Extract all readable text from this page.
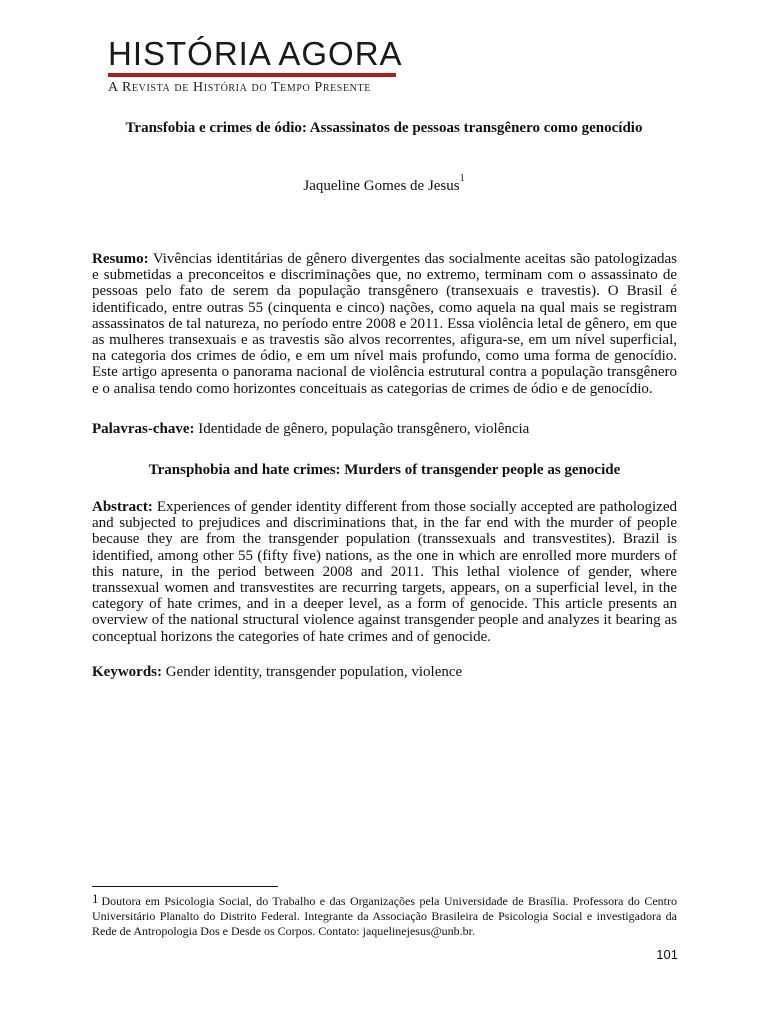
HISTÓRIA AGORA
A Revista de História do Tempo Presente
Transfobia e crimes de ódio: Assassinatos de pessoas transgênero como genocídio
Jaqueline Gomes de Jesus$^1$
Resumo: Vivências identitárias de gênero divergentes das socialmente aceitas são patologizadas e submetidas a preconceitos e discriminações que, no extremo, terminam com o assassinato de pessoas pelo fato de serem da população transgênero (transexuais e travestis). O Brasil é identificado, entre outras 55 (cinquenta e cinco) nações, como aquela na qual mais se registram assassinatos de tal natureza, no período entre 2008 e 2011. Essa violência letal de gênero, em que as mulheres transexuais e as travestis são alvos recorrentes, afigura-se, em um nível superficial, na categoria dos crimes de ódio, e em um nível mais profundo, como uma forma de genocídio. Este artigo apresenta o panorama nacional de violência estrutural contra a população transgênero e o analisa tendo como horizontes conceituais as categorias de crimes de ódio e de genocídio.
Palavras-chave: Identidade de gênero, população transgênero, violência
Transphobia and hate crimes: Murders of transgender people as genocide
Abstract: Experiences of gender identity different from those socially accepted are pathologized and subjected to prejudices and discriminations that, in the far end with the murder of people because they are from the transgender population (transsexuals and transvestites). Brazil is identified, among other 55 (fifty five) nations, as the one in which are enrolled more murders of this nature, in the period between 2008 and 2011. This lethal violence of gender, where transsexual women and transvestites are recurring targets, appears, on a superficial level, in the category of hate crimes, and in a deeper level, as a form of genocide. This article presents an overview of the national structural violence against transgender people and analyzes it bearing as conceptual horizons the categories of hate crimes and of genocide.
Keywords: Gender identity, transgender population, violence
$^1$ Doutora em Psicologia Social, do Trabalho e das Organizações pela Universidade de Brasília. Professora do Centro Universitário Planalto do Distrito Federal. Integrante da Associação Brasileira de Psicologia Social e investigadora da Rede de Antropologia Dos e Desde os Corpos. Contato: jaquelinejesus@unb.br.
101
